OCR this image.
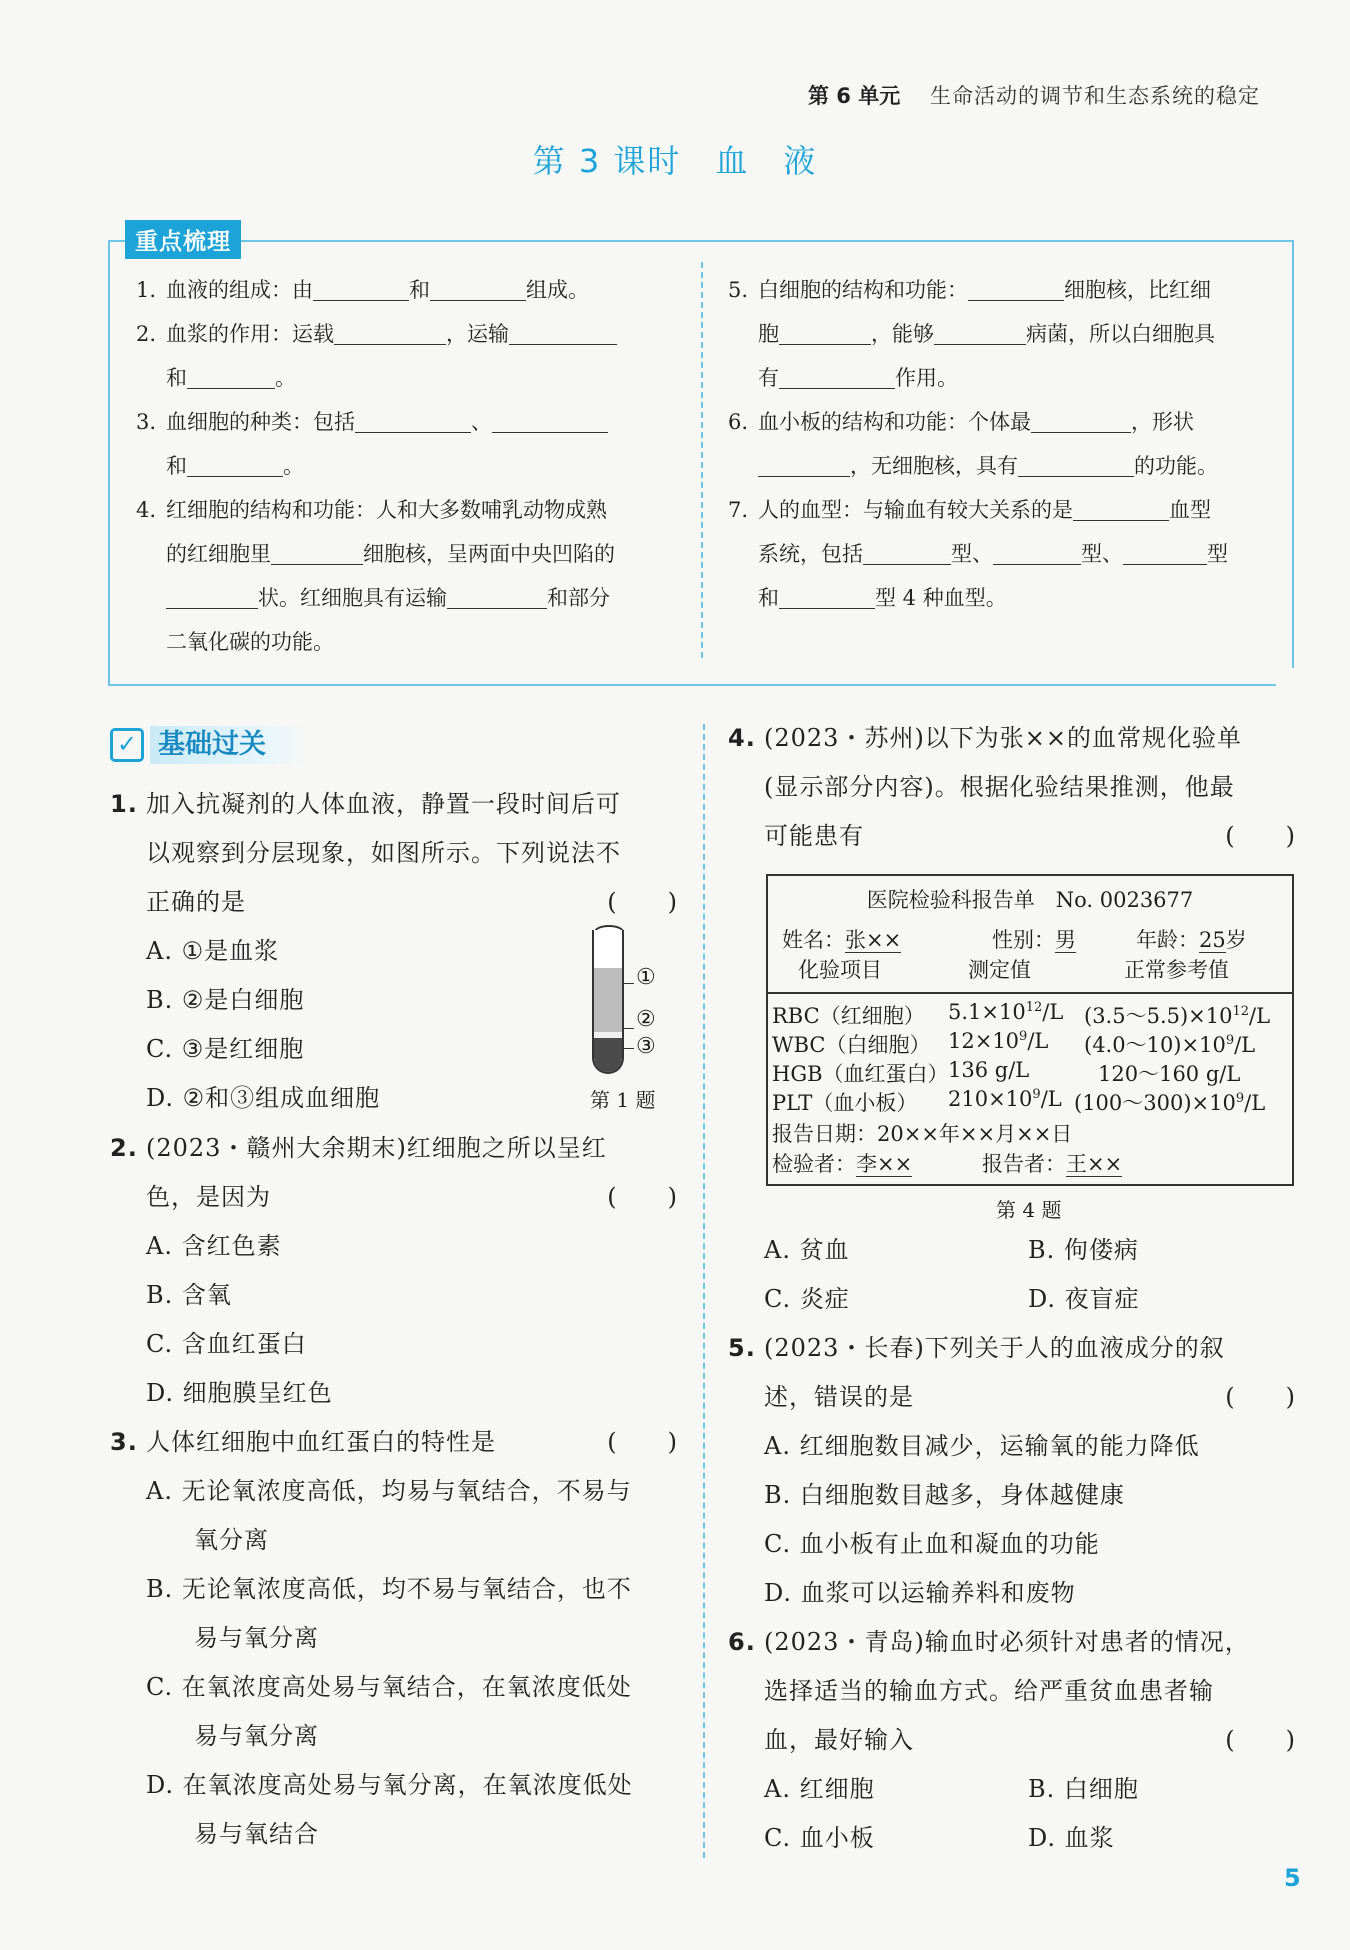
第 6 单元 生命活动的调节和生态系统的稳定
第 3 课时　血　液
重点梳理
1. 血液的组成：由	和	组成。
2. 血浆的作用：运载	，运输
和	。
3. 血细胞的种类：包括	、
和	。
4. 红细胞的结构和功能：人和大多数哺乳动物成熟
的红细胞里	细胞核，呈两面中央凹陷的
状。红细胞具有运输	和部分
二氧化碳的功能。
5. 白细胞的结构和功能：	细胞核，比红细
胞	，能够	病菌，所以白细胞具
有	作用。
6. 血小板的结构和功能：个体最	，形状
，无细胞核，具有	的功能。
7. 人的血型：与输血有较大关系的是	血型
系统，包括	型、	型、	型
和	型 4 种血型。
基础过关
✓
1. 加入抗凝剂的人体血液，静置一段时间后可
以观察到分层现象，如图所示。下列说法不
正确的是	(　　)
A. ①是血浆
B. ②是白细胞
C. ③是红细胞
D. ②和③组成血细胞
①
②
③
第 1 题
2. (2023・赣州大余期末)红细胞之所以呈红
色，是因为	(　　)
A. 含红色素
B. 含氧
C. 含血红蛋白
D. 细胞膜呈红色
3. 人体红细胞中血红蛋白的特性是	(　　)
A. 无论氧浓度高低，均易与氧结合，不易与
氧分离
B. 无论氧浓度高低，均不易与氧结合，也不
易与氧分离
C. 在氧浓度高处易与氧结合，在氧浓度低处
易与氧分离
D. 在氧浓度高处易与氧分离，在氧浓度低处
易与氧结合
4. (2023・苏州)以下为张××的血常规化验单
(显示部分内容)。根据化验结果推测，他最
可能患有	(　　)
医院检验科报告单　No. 0023677
姓名：张××	性别：男	年龄：25岁
化验项目	测定值	正常参考值
RBC（红细胞） $5.1\times 10^{12}/L$ $(3.5\sim 5.5)\times 10^{12}/L$
WBC（白细胞） $12\times 10^9/L$ $(4.0\sim 10)\times 10^9/L$
HGB（血红蛋白） 136 g/L	120～160 g/L
PLT（血小板） $210\times 10^9/L$ $(100\sim 300)\times 10^9/L$
报告日期：20××年××月××日
检验者：李××	报告者：王××
第 4 题
A. 贫血	B. 佝偻病
C. 炎症	D. 夜盲症
5. (2023・长春)下列关于人的血液成分的叙
述，错误的是	(　　)
A. 红细胞数目减少，运输氧的能力降低
B. 白细胞数目越多，身体越健康
C. 血小板有止血和凝血的功能
D. 血浆可以运输养料和废物
6. (2023・青岛)输血时必须针对患者的情况，
选择适当的输血方式。给严重贫血患者输
血，最好输入	(　　)
A. 红细胞	B. 白细胞
C. 血小板	D. 血浆
5
